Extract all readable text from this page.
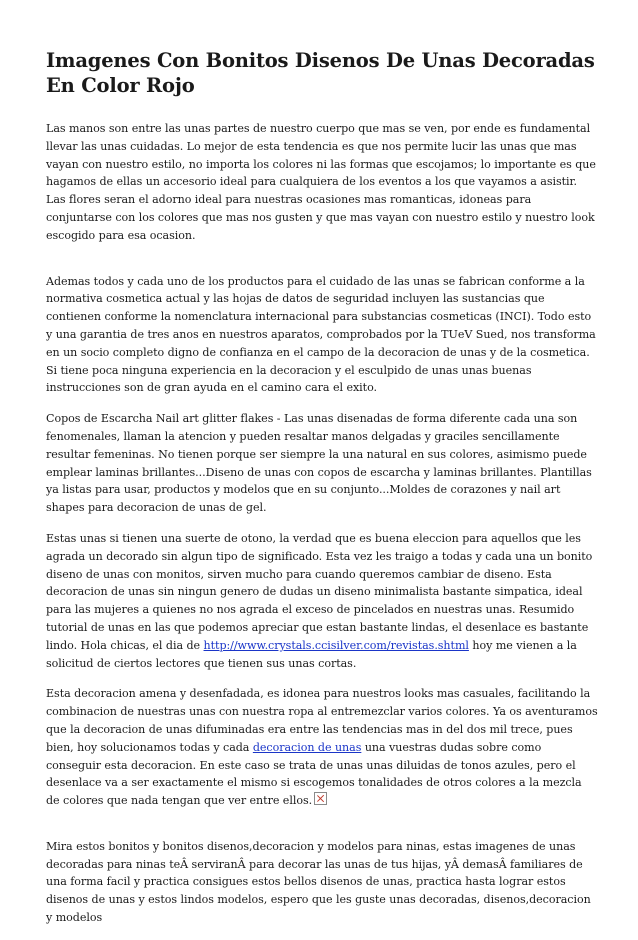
Imagenes Con Bonitos Disenos De Unas Decoradas En Color Rojo

Las manos son entre las unas partes de nuestro cuerpo que mas se ven, por ende es fundamental llevar las unas cuidadas. Lo mejor de esta tendencia es que nos permite lucir las unas que mas vayan con nuestro estilo, no importa los colores ni las formas que escojamos; lo importante es que hagamos de ellas un accesorio ideal para cualquiera de los eventos a los que vayamos a asistir. Las flores seran el adorno ideal para nuestras ocasiones mas romanticas, idoneas para conjuntarse con los colores que mas nos gusten y que mas vayan con nuestro estilo y nuestro look escogido para esa ocasion.

Ademas todos y cada uno de los productos para el cuidado de las unas se fabrican conforme a la normativa cosmetica actual y las hojas de datos de seguridad incluyen las sustancias que contienen conforme la nomenclatura internacional para substancias cosmeticas (INCI). Todo esto y una garantia de tres anos en nuestros aparatos, comprobados por la TUeV Sued, nos transforma en un socio completo digno de confianza en el campo de la decoracion de unas y de la cosmetica. Si tiene poca ninguna experiencia en la decoracion y el esculpido de unas unas buenas instrucciones son de gran ayuda en el camino cara el exito.

Copos de Escarcha Nail art glitter flakes - Las unas disenadas de forma diferente cada una son fenomenales, llaman la atencion y pueden resaltar manos delgadas y graciles sencillamente resultar femeninas. No tienen porque ser siempre la una natural en sus colores, asimismo puede emplear laminas brillantes...Diseno de unas con copos de escarcha y laminas brillantes. Plantillas ya listas para usar, productos y modelos que en su conjunto...Moldes de corazones y nail art shapes para decoracion de unas de gel.

Estas unas si tienen una suerte de otono, la verdad que es buena eleccion para aquellos que les agrada un decorado sin algun tipo de significado. Esta vez les traigo a todas y cada una un bonito diseno de unas con monitos, sirven mucho para cuando queremos cambiar de diseno. Esta decoracion de unas sin ningun genero de dudas un diseno minimalista bastante simpatica, ideal para las mujeres a quienes no nos agrada el exceso de pincelados en nuestras unas. Resumido tutorial de unas en las que podemos apreciar que estan bastante lindas, el desenlace es bastante lindo. Hola chicas, el dia de http://www.crystals.ccisilver.com/revistas.shtml hoy me vienen a la solicitud de ciertos lectores que tienen sus unas cortas.

Esta decoracion amena y desenfadada, es idonea para nuestros looks mas casuales, facilitando la combinacion de nuestras unas con nuestra ropa al entremezclar varios colores. Ya os aventuramos que la decoracion de unas difuminadas era entre las tendencias mas in del dos mil trece, pues bien, hoy solucionamos todas y cada decoracion de unas una vuestras dudas sobre como conseguir esta decoracion. En este caso se trata de unas unas diluidas de tonos azules, pero el desenlace va a ser exactamente el mismo si escogemos tonalidades de otros colores a la mezcla de colores que nada tengan que ver entre ellos.

Mira estos bonitos y bonitos disenos,decoracion y modelos para ninas, estas imagenes de unas decoradas para ninas teÂ serviranÂ para decorar las unas de tus hijas, yÂ demasÂ familiares de una forma facil y practica consigues estos bellos disenos de unas, practica hasta lograr estos disenos de unas y estos lindos modelos, espero que les guste unas decoradas, disenos,decoracion y modelos
